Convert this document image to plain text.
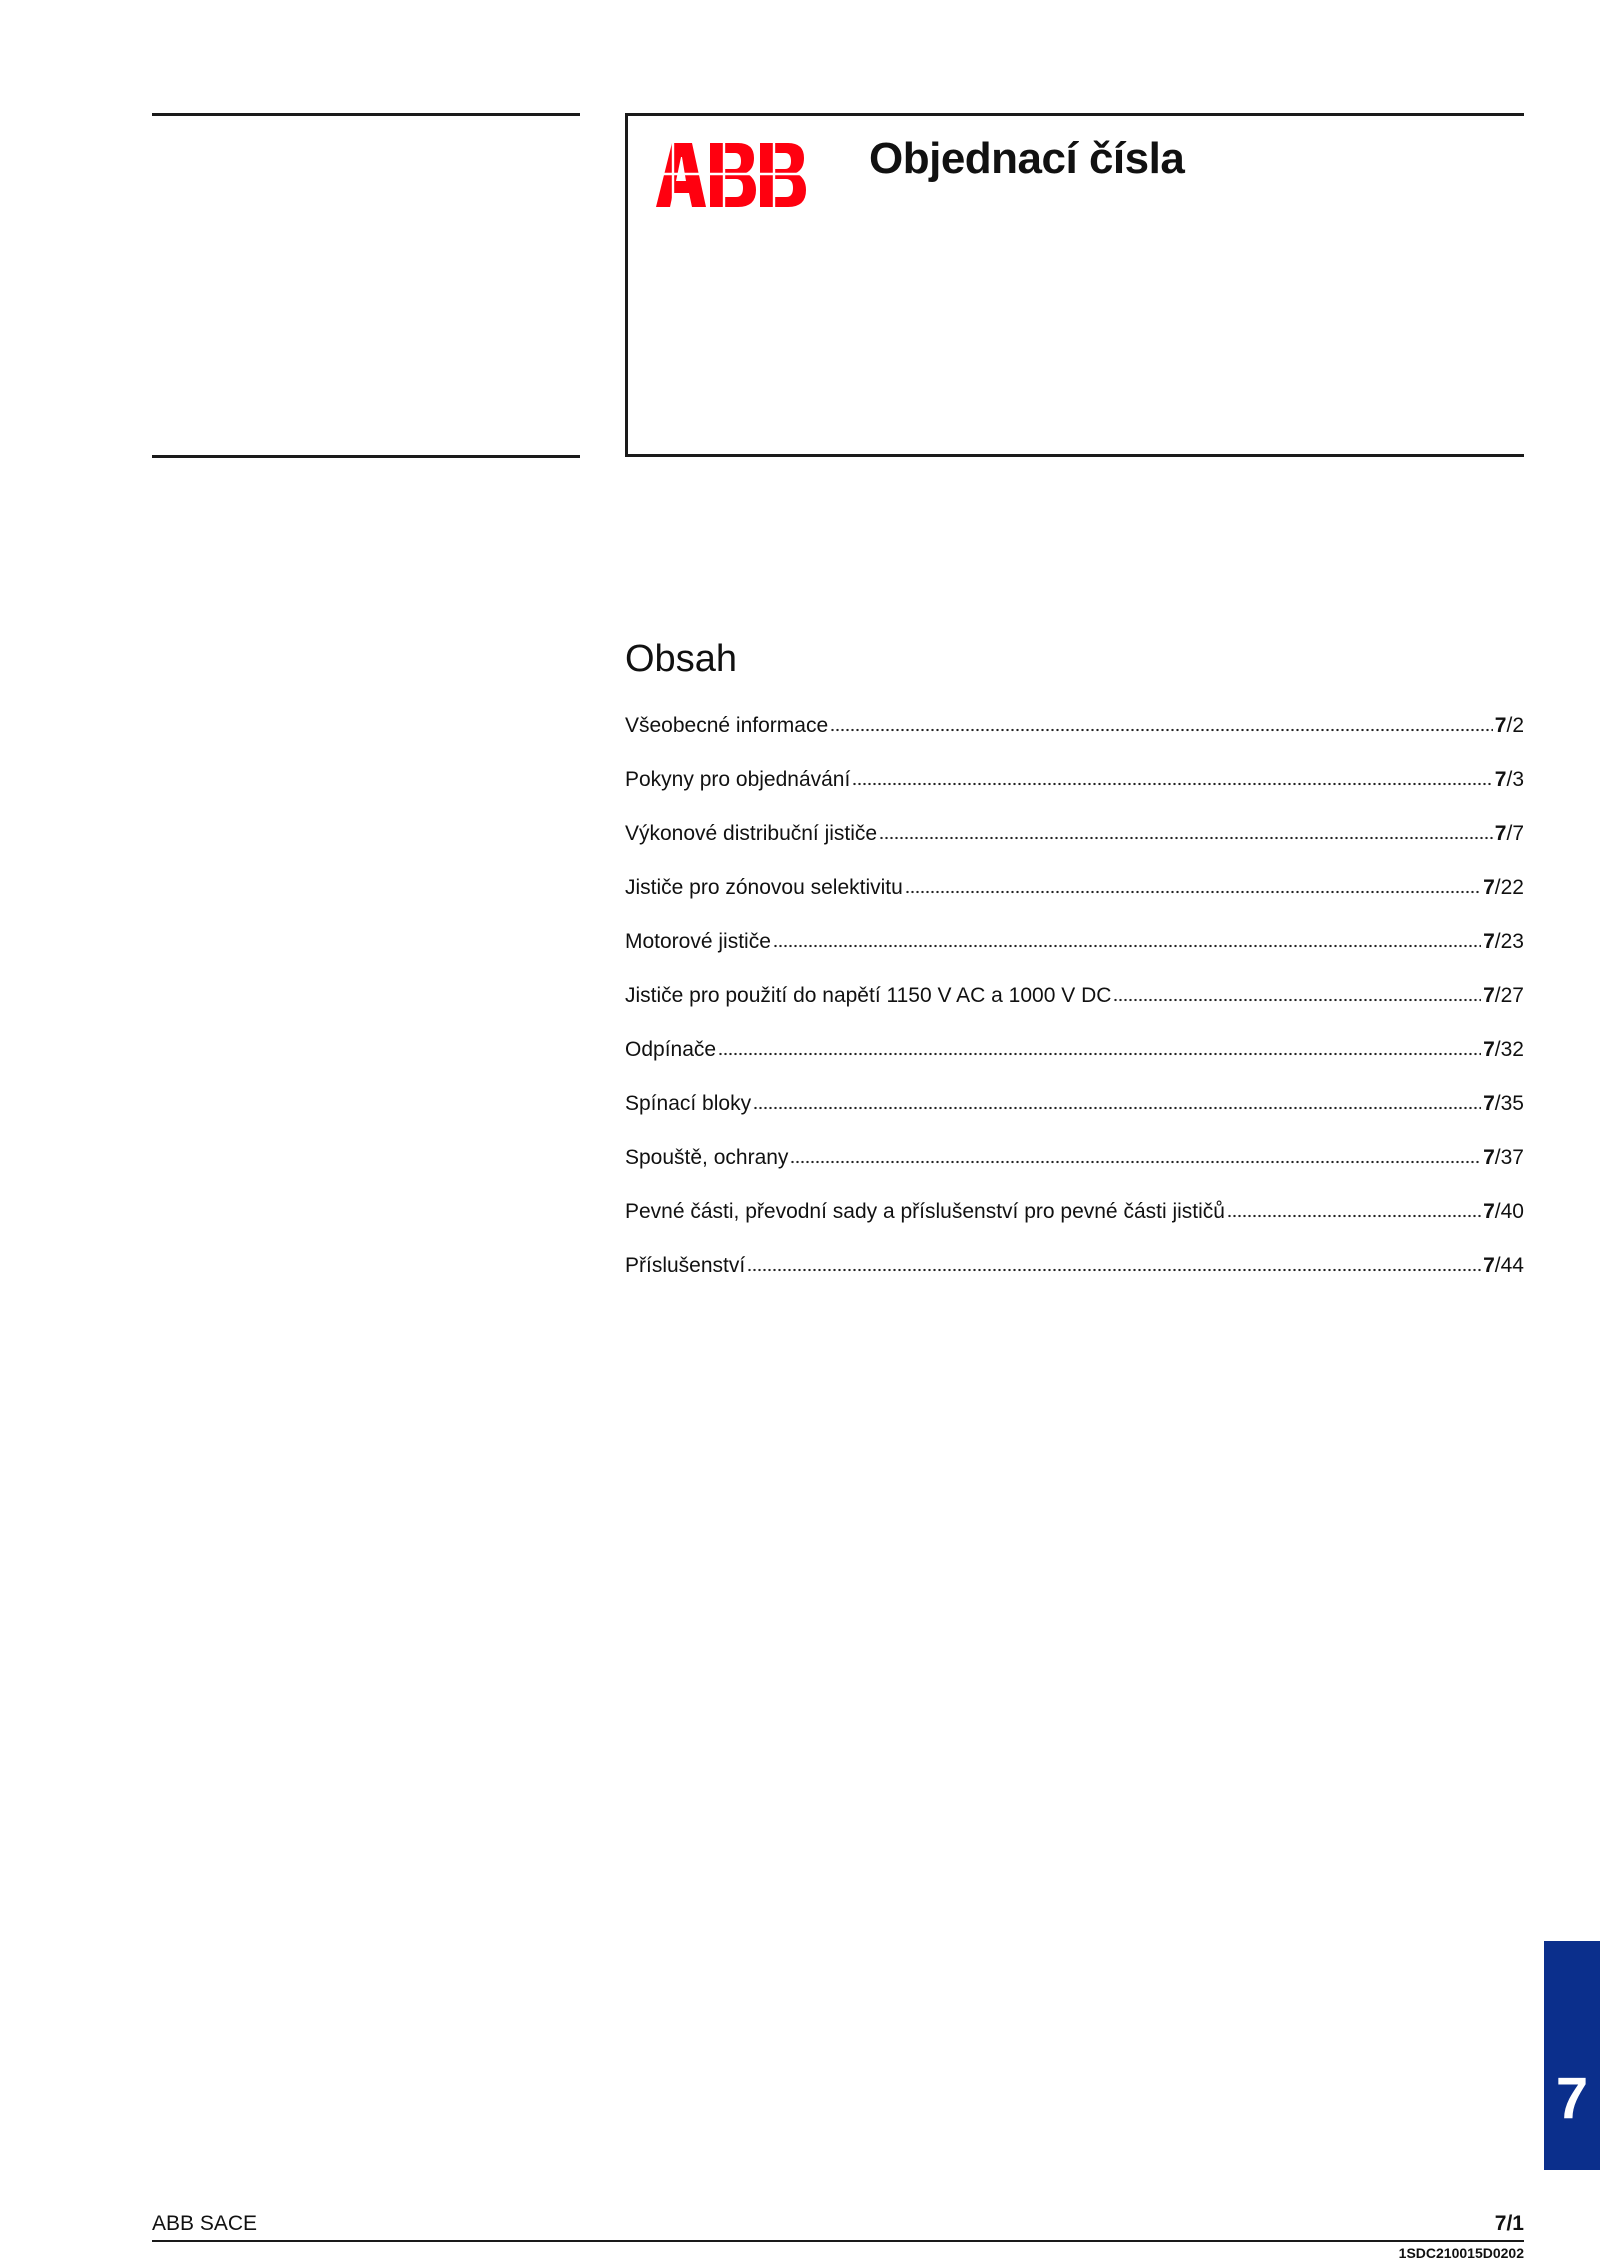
Objednací čísla
Obsah
Všeobecné informace	7/2
Pokyny pro objednávání	7/3
Výkonové distribuční jističe	7/7
Jističe pro zónovou selektivitu	7/22
Motorové jističe	7/23
Jističe pro použití do napětí 1150 V AC a 1000 V DC	7/27
Odpínače	7/32
Spínací bloky	7/35
Spouště, ochrany	7/37
Pevné části, převodní sady a příslušenství pro pevné části jističů	7/40
Příslušenství	7/44
7
ABB SACE	7/1
1SDC210015D0202
